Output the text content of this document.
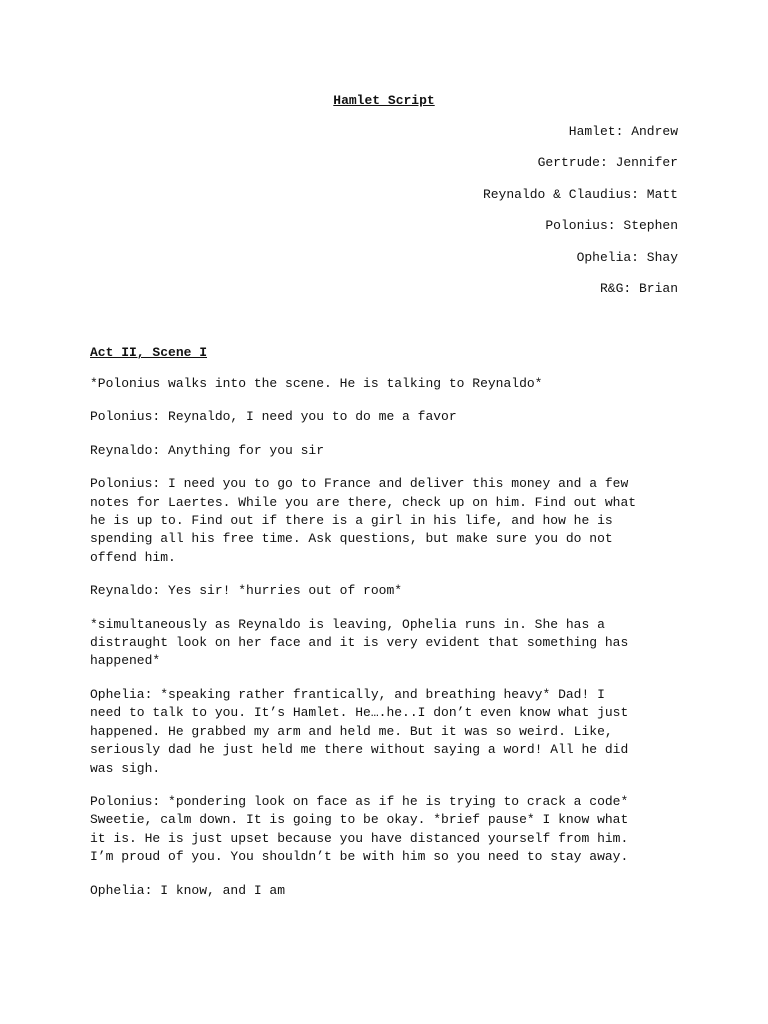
Hamlet Script
Hamlet: Andrew
Gertrude: Jennifer
Reynaldo & Claudius: Matt
Polonius: Stephen
Ophelia: Shay
R&G: Brian
Act II, Scene I

*Polonius walks into the scene. He is talking to Reynaldo*

Polonius: Reynaldo, I need you to do me a favor

Reynaldo: Anything for you sir

Polonius: I need you to go to France and deliver this money and a few
notes for Laertes. While you are there, check up on him. Find out what
he is up to. Find out if there is a girl in his life, and how he is
spending all his free time. Ask questions, but make sure you do not
offend him.

Reynaldo: Yes sir! *hurries out of room*

*simultaneously as Reynaldo is leaving, Ophelia runs in. She has a
distraught look on her face and it is very evident that something has
happened*

Ophelia: *speaking rather frantically, and breathing heavy* Dad! I
need to talk to you. It’s Hamlet. He….he..I don’t even know what just
happened. He grabbed my arm and held me. But it was so weird. Like,
seriously dad he just held me there without saying a word! All he did
was sigh.

Polonius: *pondering look on face as if he is trying to crack a code*
Sweetie, calm down. It is going to be okay. *brief pause* I know what
it is. He is just upset because you have distanced yourself from him.
I’m proud of you. You shouldn’t be with him so you need to stay away.

Ophelia: I know, and I am
